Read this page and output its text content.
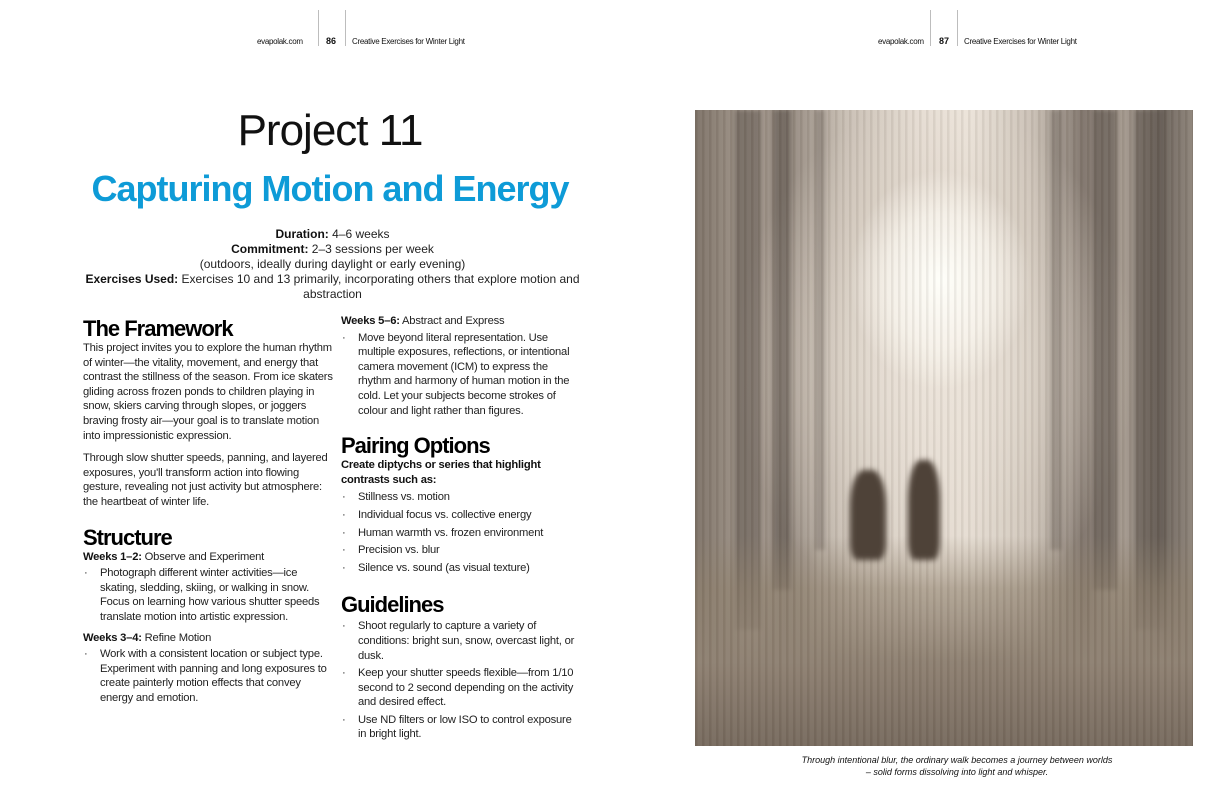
evapolak.com	86 Creative Exercises for Winter Light
Project 11
Capturing Motion and Energy
Duration: 4–6 weeks
Commitment: 2–3 sessions per week
(outdoors, ideally during daylight or early evening)
Exercises Used: Exercises 10 and 13 primarily, incorporating others that explore motion and abstraction
The Framework

This project invites you to explore the human rhythm of winter—the vitality, movement, and energy that contrast the stillness of the season. From ice skaters gliding across frozen ponds to children playing in snow, skiers carving through slopes, or joggers braving frosty air—your goal is to translate motion into impressionistic expression.

Through slow shutter speeds, panning, and layered exposures, you'll transform action into flowing gesture, revealing not just activity but atmosphere: the heartbeat of winter life.

Structure
Weeks 1–2: Observe and Experiment
· Photograph different winter activities—ice skating, sledding, skiing, or walking in snow. Focus on learning how various shutter speeds translate motion into artistic expression.
Weeks 3–4: Refine Motion
· Work with a consistent location or subject type. Experiment with panning and long exposures to create painterly motion effects that convey energy and emotion.
Weeks 5–6: Abstract and Express
· Move beyond literal representation. Use multiple exposures, reflections, or intentional camera movement (ICM) to express the rhythm and harmony of human motion in the cold. Let your subjects become strokes of colour and light rather than figures.
Pairing Options
Create diptychs or series that highlight contrasts such as:
· Stillness vs. motion
· Individual focus vs. collective energy
· Human warmth vs. frozen environment
· Precision vs. blur
· Silence vs. sound (as visual texture)
Guidelines
· Shoot regularly to capture a variety of conditions: bright sun, snow, overcast light, or dusk.
· Keep your shutter speeds flexible—from 1/10 second to 2 second depending on the activity and desired effect.
· Use ND filters or low ISO to control exposure in bright light.
evapolak.com 87 Creative Exercises for Winter Light
Through intentional blur, the ordinary walk becomes a journey between worlds
– solid forms dissolving into light and whisper.
